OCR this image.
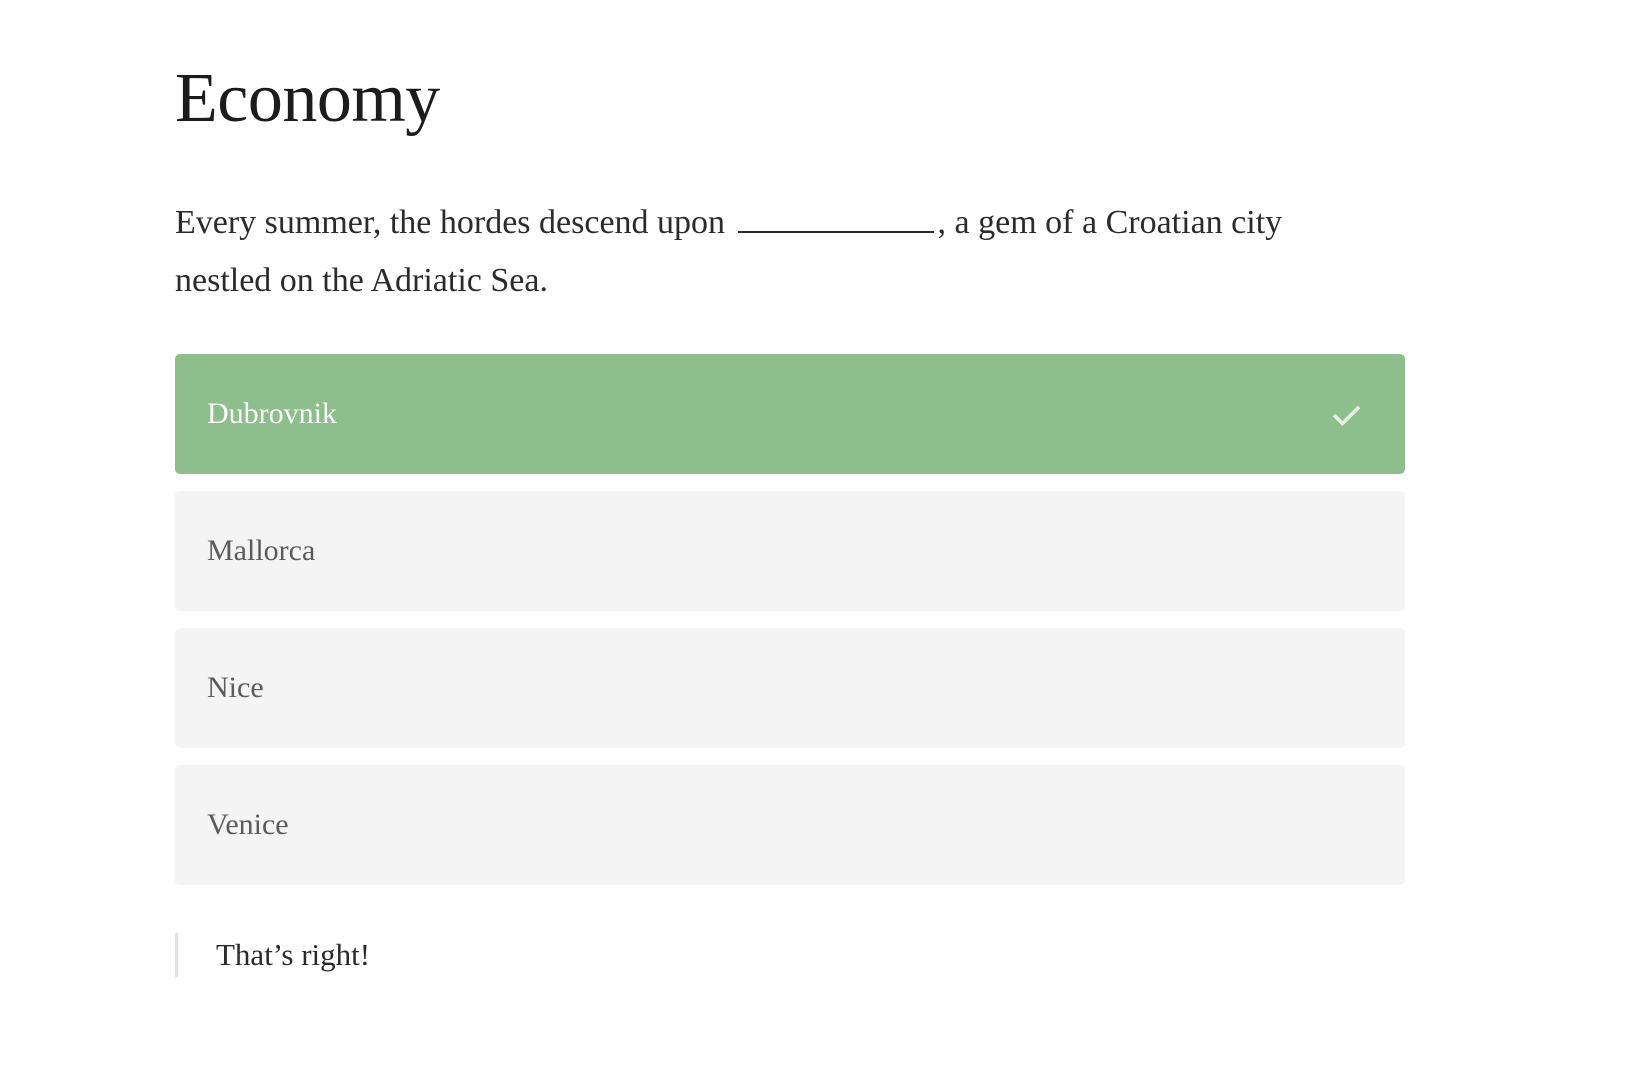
Economy
Every summer, the hordes descend upon	, a gem of a Croatian city nestled on the Adriatic Sea.
Dubrovnik
Mallorca
Nice
Venice
That’s right!
